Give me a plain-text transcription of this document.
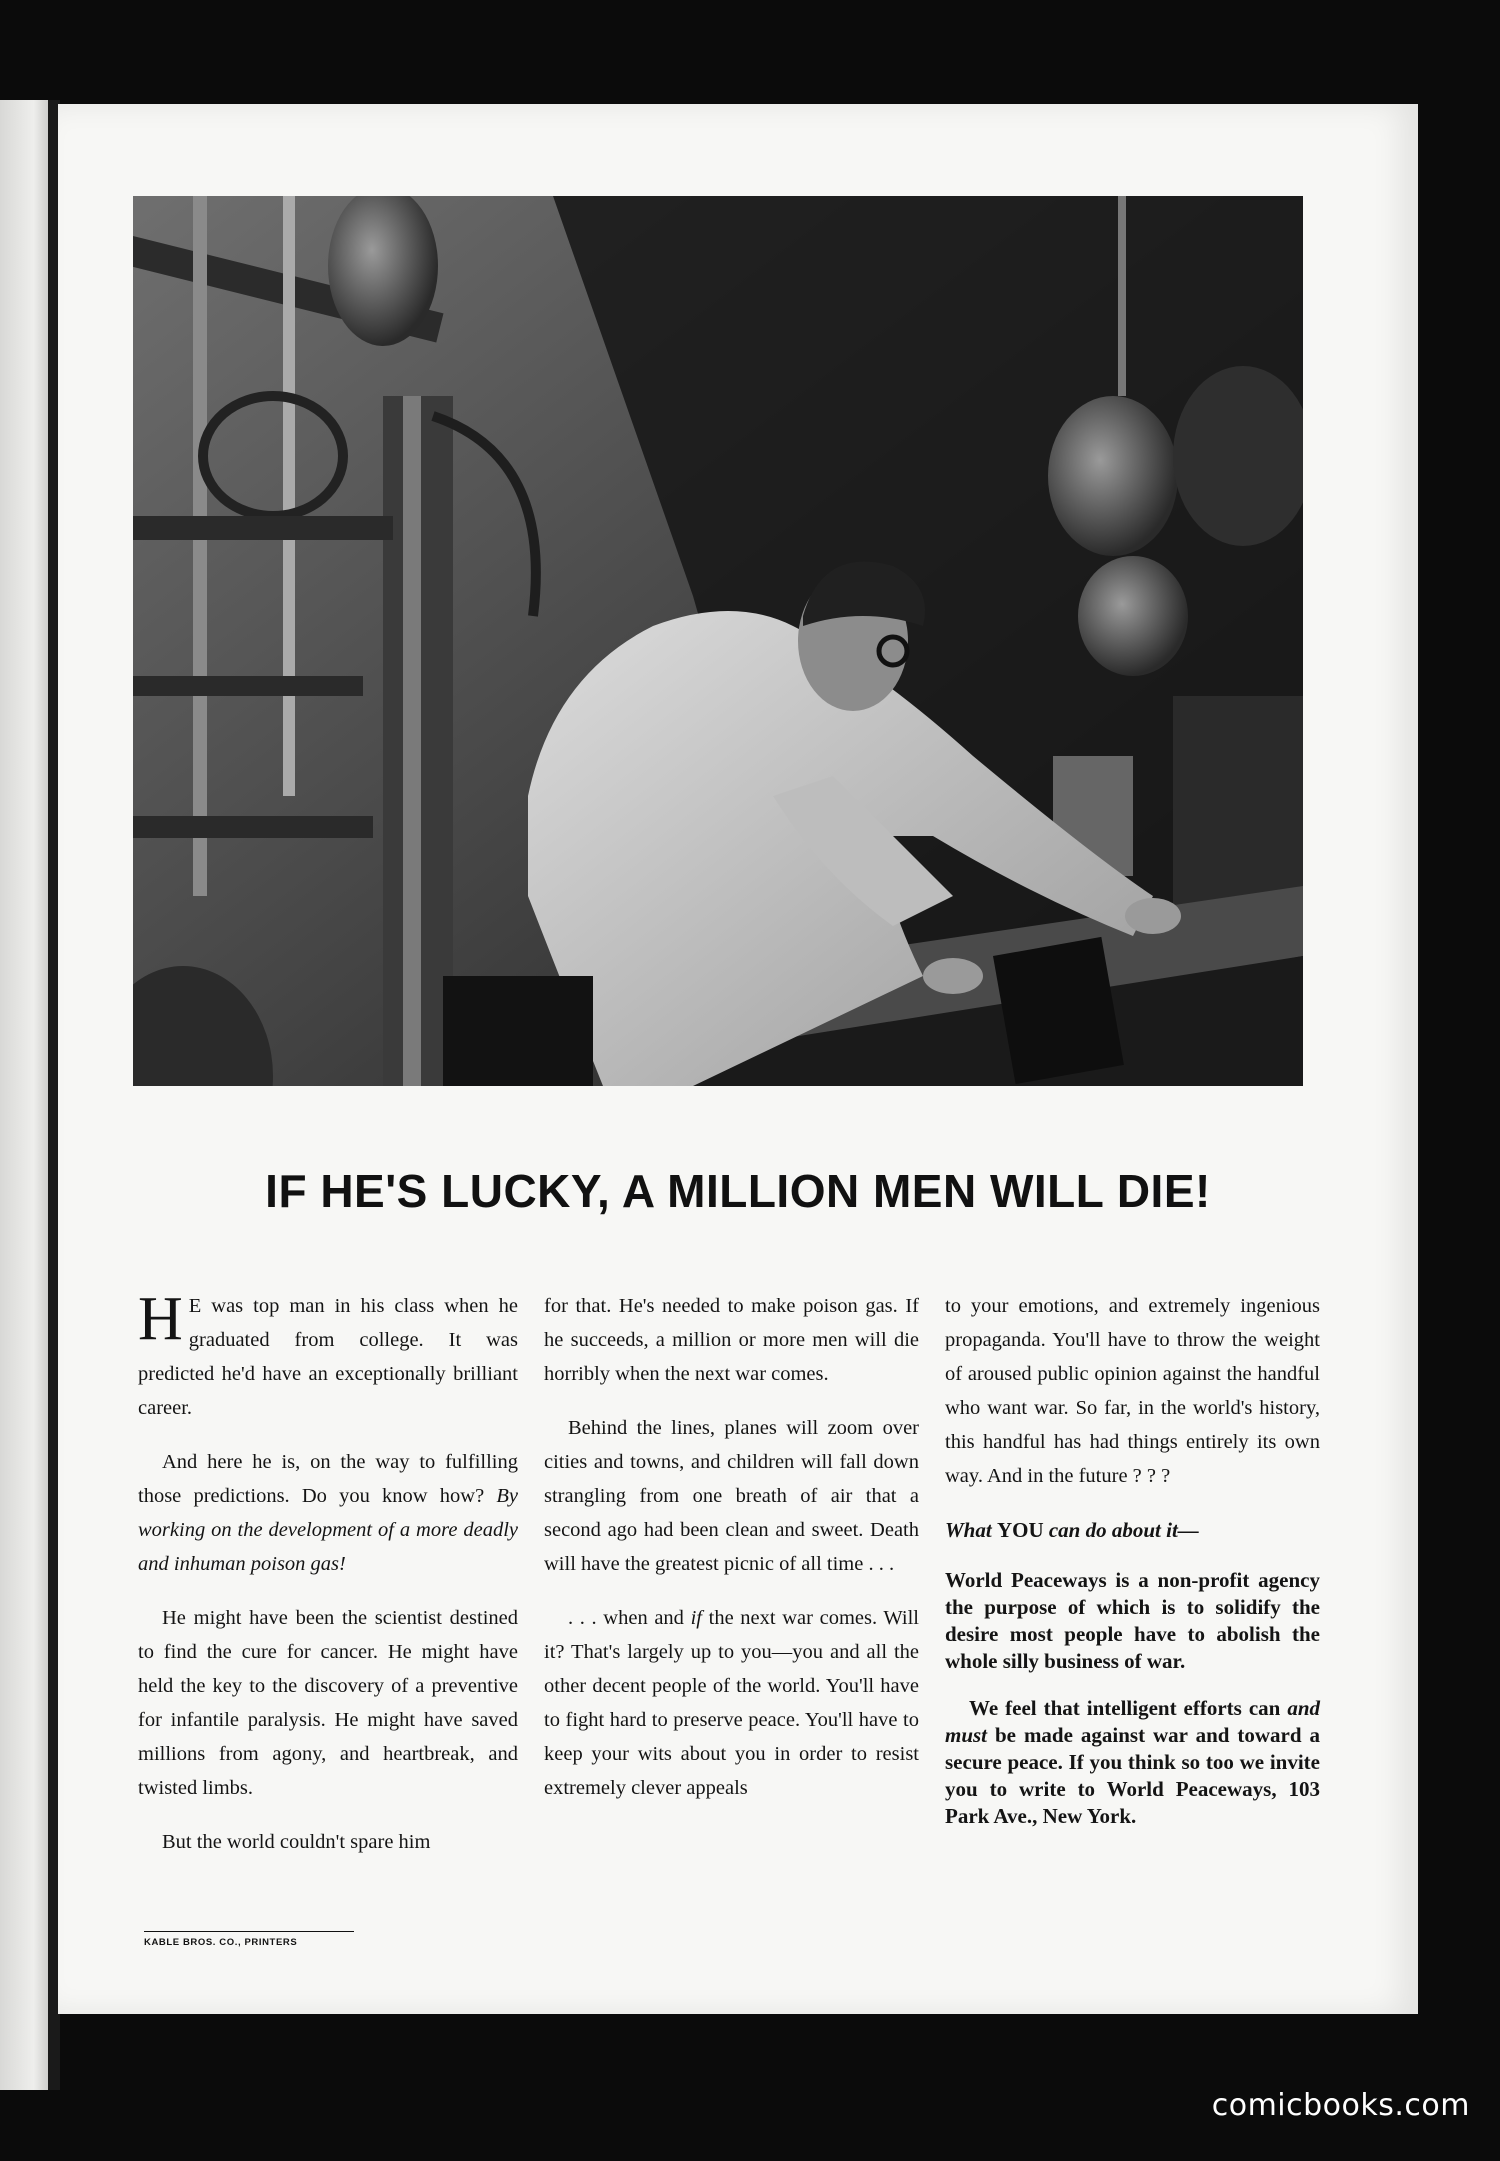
IF HE'S LUCKY, A MILLION MEN WILL DIE!

H E was top man in his class when he graduated from college. It was predicted he'd have an exceptionally brilliant career.

And here he is, on the way to fulfilling those predictions. Do you know how? By working on the development of a more deadly and inhuman poison gas!

He might have been the scientist destined to find the cure for cancer. He might have held the key to the discovery of a preventive for infantile paralysis. He might have saved millions from agony, and heartbreak, and twisted limbs.

But the world couldn't spare him

for that. He's needed to make poison gas. If he succeeds, a million or more men will die horribly when the next war comes.

Behind the lines, planes will zoom over cities and towns, and children will fall down strangling from one breath of air that a second ago had been clean and sweet. Death will have the greatest picnic of all time . . .

. . . when and if the next war comes. Will it? That's largely up to you—you and all the other decent people of the world. You'll have to fight hard to preserve peace. You'll have to keep your wits about you in order to resist extremely clever appeals

to your emotions, and extremely ingenious propaganda. You'll have to throw the weight of aroused public opinion against the handful who want war. So far, in the world's history, this handful has had things entirely its own way. And in the future ? ? ?

What YOU can do about it—

World Peaceways is a non-profit agency the purpose of which is to solidify the desire most people have to abolish the whole silly business of war.

We feel that intelligent efforts can and must be made against war and toward a secure peace. If you think so too we invite you to write to World Peaceways, 103 Park Ave., New York.

KABLE BROS. CO., PRINTERS
comicbooks.com
